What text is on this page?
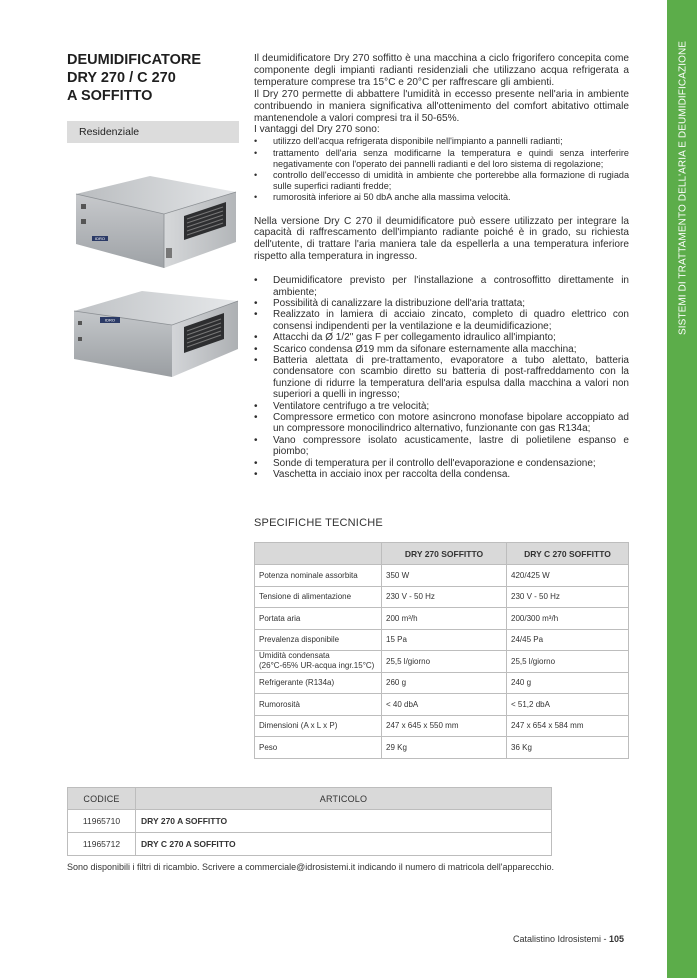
SISTEMI DI TRATTAMENTO DELL'ARIA E DEUMIDIFICAZIONE
DEUMIDIFICATORE
DRY 270 / C 270
A SOFFITTO
Residenziale
IDRO
IDRO

Il deumidificatore Dry 270 soffitto è una macchina a ciclo frigorifero concepita come componente degli impianti radianti residenziali che utilizzano acqua refrigerata a temperature comprese tra 15°C e 20°C per raffrescare gli ambienti.

Il Dry 270 permette di abbattere l'umidità in eccesso presente nell'aria in ambiente contribuendo in maniera significativa all'ottenimento del comfort abitativo ottimale mantenendole a valori compresi tra il 50-65%.

I vantaggi del Dry 270 sono:

• utilizzo dell'acqua refrigerata disponibile nell'impianto a pannelli radianti;
• trattamento dell'aria senza modificarne la temperatura e quindi senza interferire negativamente con l'operato dei pannelli radianti e del loro sistema di regolazione;
• controllo dell'eccesso di umidità in ambiente che porterebbe alla formazione di rugiada sulle superfici radianti fredde;
• rumorosità inferiore ai 50 dbA anche alla massima velocità.

Nella versione Dry C 270 il deumidificatore può essere utilizzato per integrare la capacità di raffrescamento dell'impianto radiante poiché è in grado, su richiesta dell'utente, di trattare l'aria maniera tale da espellerla a una temperatura inferiore rispetto alla temperatura in ingresso.

• Deumidificatore previsto per l'installazione a controsoffitto direttamente in ambiente;
• Possibilità di canalizzare la distribuzione dell'aria trattata;
• Realizzato in lamiera di acciaio zincato, completo di quadro elettrico con consensi indipendenti per la ventilazione e la deumidificazione;
• Attacchi da Ø 1/2" gas F per collegamento idraulico all'impianto;
• Scarico condensa Ø19 mm da sifonare esternamente alla macchina;
• Batteria alettata di pre-trattamento, evaporatore a tubo alettato, batteria condensatore con scambio diretto su batteria di post-raffreddamento con la funzione di ridurre la temperatura dell'aria espulsa dalla macchina a valori non superiori a quelli in ingresso;
• Ventilatore centrifugo a tre velocità;
• Compressore ermetico con motore asincrono monofase bipolare accoppiato ad un compressore monocilindrico alternativo, funzionante con gas R134a;
• Vano compressore isolato acusticamente, lastre di polietilene espanso e piombo;
• Sonde di temperatura per il controllo dell'evaporazione e condensazione;
• Vaschetta in acciaio inox per raccolta della condensa.
SPECIFICHE TECNICHE
	DRY 270 SOFFITTO	DRY C 270 SOFFITTO
Potenza nominale assorbita	350 W	420/425 W
Tensione di alimentazione	230 V - 50 Hz	230 V - 50 Hz
Portata aria	200 m³/h	200/300 m³/h
Prevalenza disponibile	15 Pa	24/45 Pa

Umidità condensata
(26°C-65% UR-acqua ingr.15°C)	25,5 l/giorno	25,5 l/giorno
Refrigerante (R134a)	260 g	240 g
Rumorosità	< 40 dbA	< 51,2 dbA
Dimensioni (A x L x P)	247 x 645 x 550 mm	247 x 654 x 584 mm
Peso	29 Kg	36 Kg
CODICE	ARTICOLO
11965710	DRY 270 A SOFFITTO
11965712	DRY C 270 A SOFFITTO
Sono disponibili i filtri di ricambio. Scrivere a commerciale@idrosistemi.it indicando il numero di matricola dell'apparecchio.
Catalistino Idrosistemi - 105
